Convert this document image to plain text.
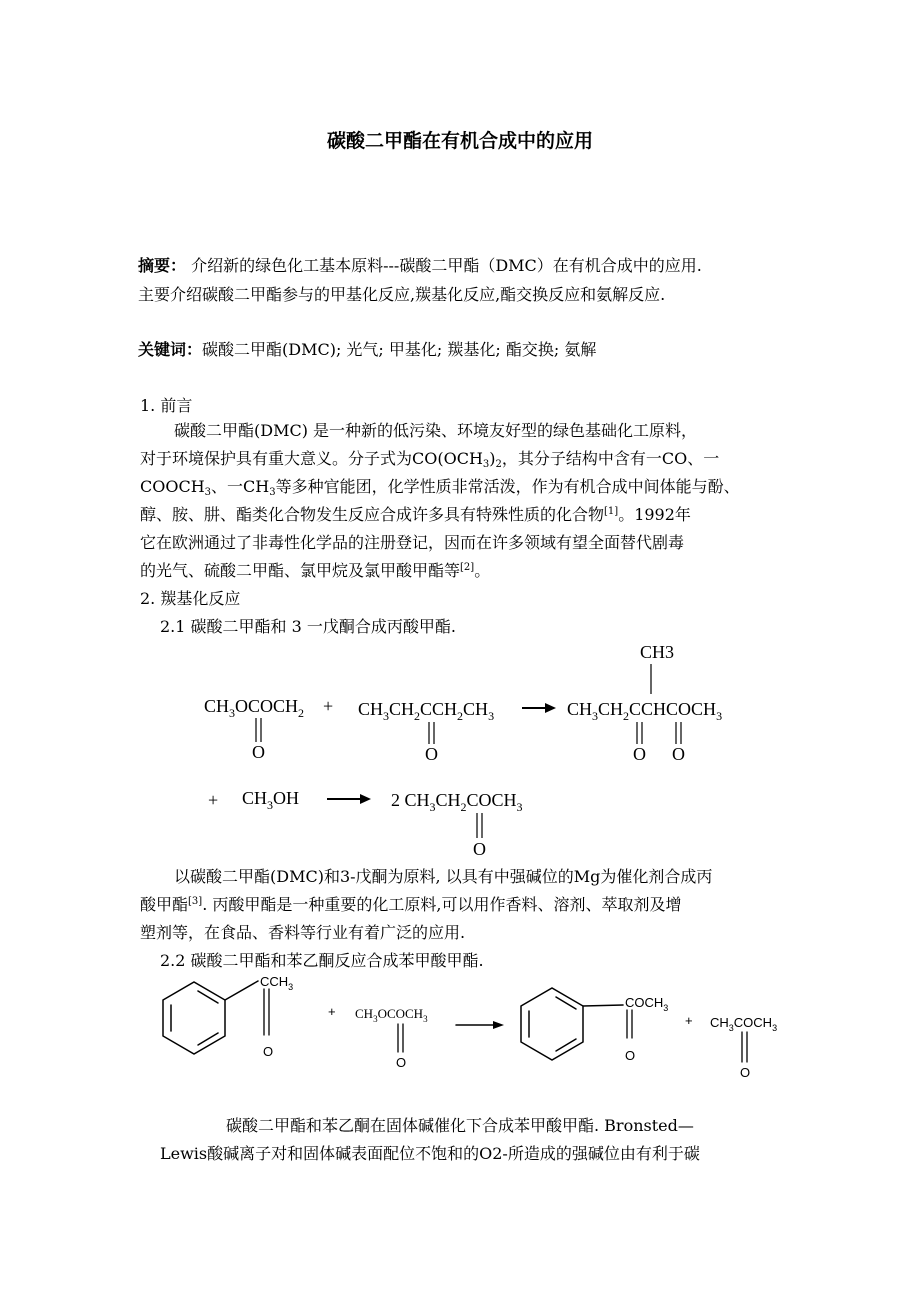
碳酸二甲酯在有机合成中的应用
摘要： 介绍新的绿色化工基本原料---碳酸二甲酯（DMC）在有机合成中的应用.
主要介绍碳酸二甲酯参与的甲基化反应,羰基化反应,酯交换反应和氨解反应.
关键词：碳酸二甲酯(DMC); 光气; 甲基化; 羰基化; 酯交换; 氨解
1. 前言
碳酸二甲酯(DMC) 是一种新的低污染、环境友好型的绿色基础化工原料，
对于环境保护具有重大意义。分子式为$CO(OCH_3)_2$，其分子结构中含有一CO、一
$COOCH_3$、一$CH_3$等多种官能团，化学性质非常活泼，作为有机合成中间体能与酚、
醇、胺、肼、酯类化合物发生反应合成许多具有特殊性质的化合物[1]。1992年
它在欧洲通过了非毒性化学品的注册登记，因而在许多领域有望全面替代剧毒
的光气、硫酸二甲酯、氯甲烷及氯甲酸甲酯等[2]。
2. 羰基化反应
2.1 碳酸二甲酯和 3 一戊酮合成丙酸甲酯.
CH3
$CH_3OCOCH_2$
O
+ $CH_3CH_2CCH_2CH_3$
O
$CH_3CH_2CCHCOCH_3$
O O
+ $CH_3OH$	2 $CH_3CH_2COCH_3$
O
以碳酸二甲酯(DMC)和3-戊酮为原料, 以具有中强碱位的Mg为催化剂合成丙
酸甲酯[3]. 丙酸甲酯是一种重要的化工原料,可以用作香料、溶剂、萃取剂及增
塑剂等，在食品、香料等行业有着广泛的应用.
2.2 碳酸二甲酯和苯乙酮反应合成苯甲酸甲酯.
$CCH_3$
O
+ $CH_3OCOCH_3$
O
$COCH_3$
O
+ $CH_3COCH_3$
O
碳酸二甲酯和苯乙酮在固体碱催化下合成苯甲酸甲酯. Bronsted—
Lewis酸碱离子对和固体碱表面配位不饱和的O2-所造成的强碱位由有利于碳
